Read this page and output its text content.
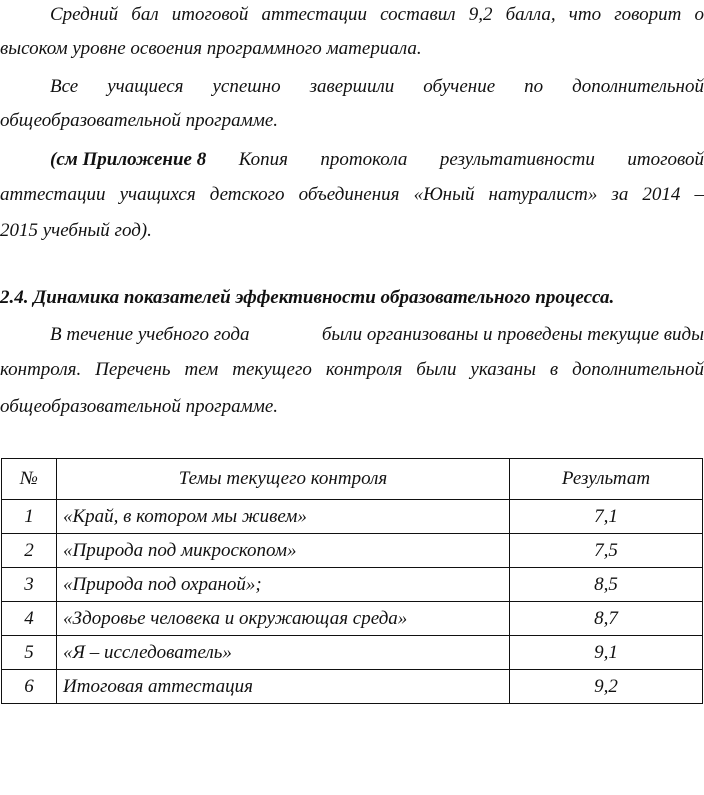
Средний бал итоговой аттестации составил 9,2 балла, что говорит о
высоком уровне освоения программного материала.
Все учащиеся успешно завершили обучение по дополнительной
общеобразовательной программе.
(см Приложение 8 Копия протокола результативности итоговой
аттестации учащихся детского объединения «Юный натуралист» за 2014 –
2015 учебный год).
2.4. Динамика показателей эффективности образовательного процесса.
В течение учебного года	были организованы и проведены текущие виды
контроля. Перечень тем текущего контроля были указаны в дополнительной
общеобразовательной программе.
№	Темы текущего контроля	Результат
1	«Край, в котором мы живем»	7,1
2	«Природа под микроскопом»	7,5
3	«Природа под охраной»;	8,5
4	«Здоровье человека и окружающая среда»	8,7
5	«Я – исследователь»	9,1
6	Итоговая аттестация	9,2
